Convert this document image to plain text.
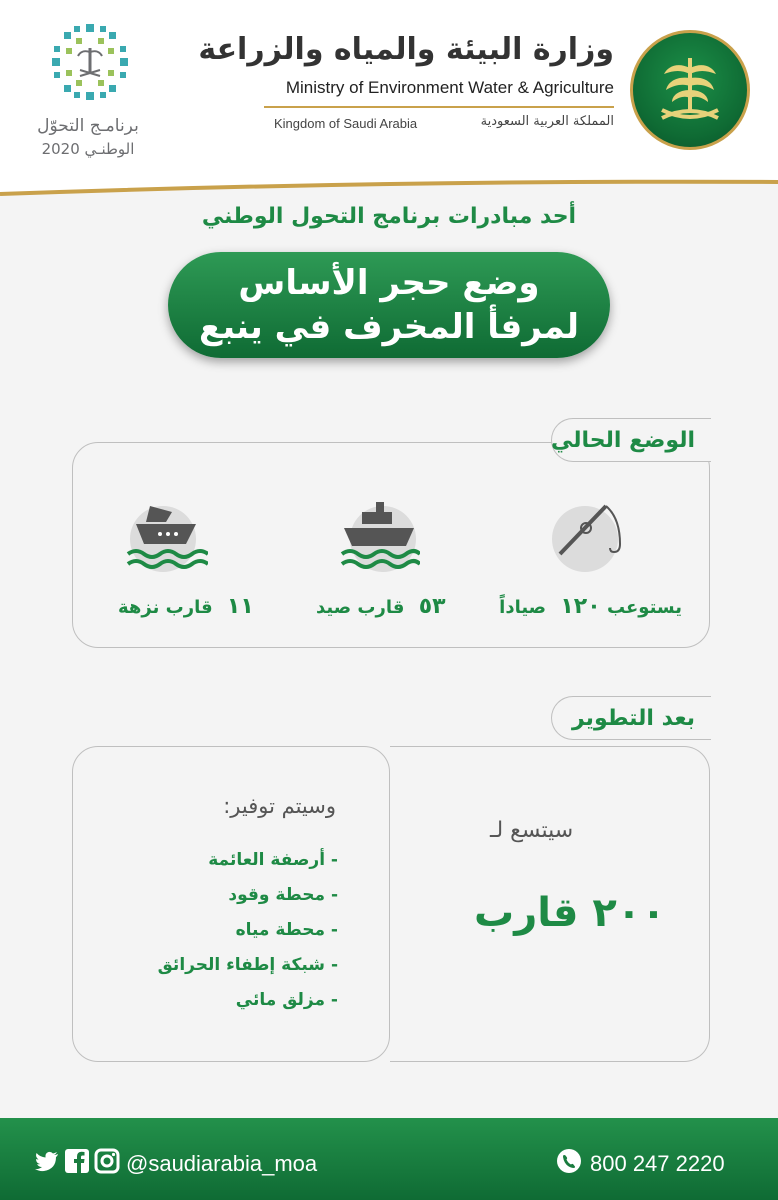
وزارة البيئة والمياه والزراعة
Ministry of Environment Water & Agriculture
Kingdom of Saudi Arabia	المملكة العربية السعودية
برنامـج التحوّل
الوطنـي 2020
أحد مبادرات برنامج التحول الوطني
وضع حجر الأساس
لمرفأ المخرف في ينبع
الوضع الحالي
يستوعب ١٢٠ صياداً
٥٣ قارب صيد
١١ قارب نزهة
بعد التطوير
سيتسع لـ
٢٠٠ قارب
وسيتم توفير:
- أرصفة العائمة
- محطة وقود
- محطة مياه
- شبكة إطفاء الحرائق
- مزلق مائي
@saudiarabia_moa	800 247 2220
